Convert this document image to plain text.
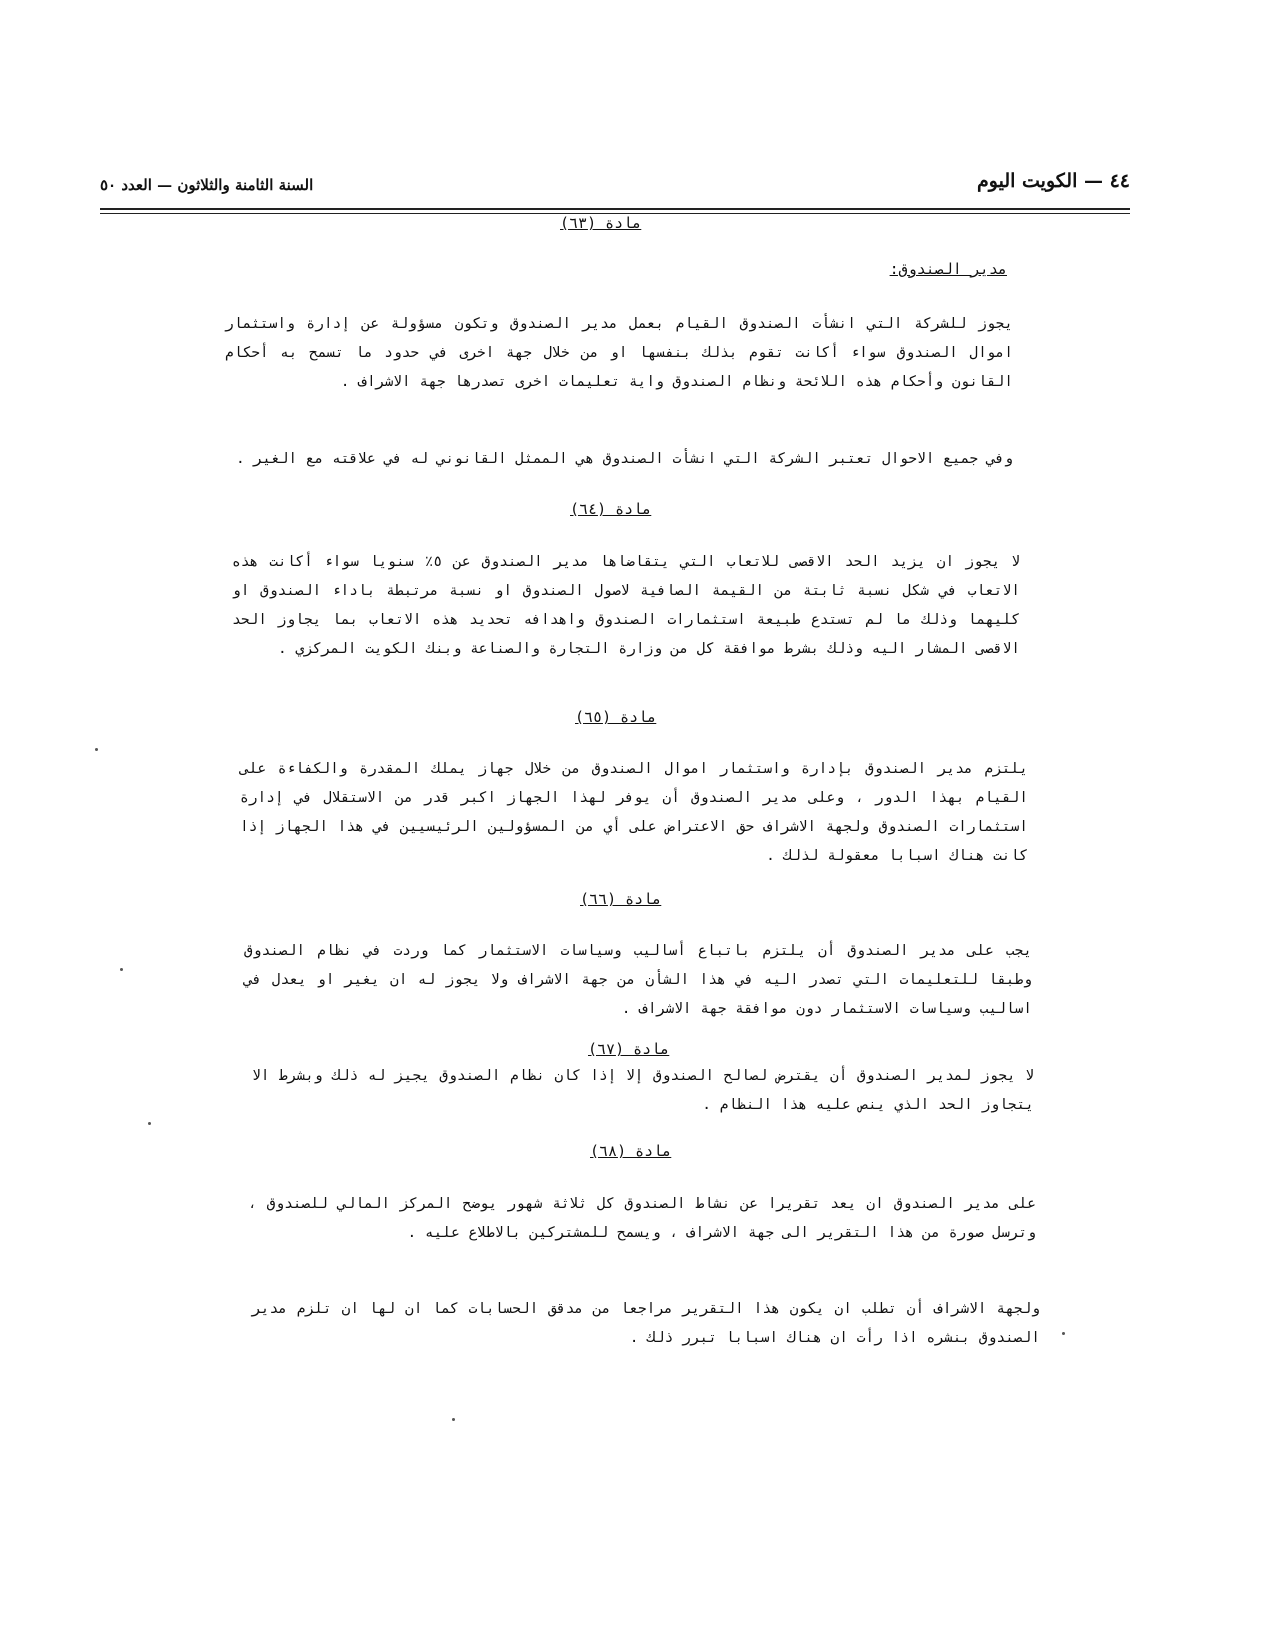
٤٤ — الكويت اليوم
السنة الثامنة والثلاثون — العدد ٥٠
مادة (٦٣)
مدير الصندوق:

يجوز للشركة التي انشأت الصندوق القيام بعمل مدير الصندوق وتكون مسؤولة عن إدارة واستثمار اموال الصندوق سواء أكانت تقوم بذلك بنفسها او من خلال جهة اخرى في حدود ما تسمح به أحكام القانون وأحكام هذه اللائحة ونظام الصندوق واية تعليمات اخرى تصدرها جهة الاشراف .

وفي جميع الاحوال تعتبر الشركة التي انشأت الصندوق هي الممثل القانوني له في علاقته مع الغير .

مادة (٦٤)

لا يجوز ان يزيد الحد الاقصى للاتعاب التي يتقاضاها مدير الصندوق عن ٥٪ سنويا سواء أكانت هذه الاتعاب في شكل نسبة ثابتة من القيمة الصافية لاصول الصندوق او نسبة مرتبطة باداء الصندوق او كليهما وذلك ما لم تستدع طبيعة استثمارات الصندوق واهدافه تحديد هذه الاتعاب بما يجاوز الحد الاقصى المشار اليه وذلك بشرط موافقة كل من وزارة التجارة والصناعة وبنك الكويت المركزي .

مادة (٦٥)

يلتزم مدير الصندوق بإدارة واستثمار اموال الصندوق من خلال جهاز يملك المقدرة والكفاءة على القيام بهذا الدور ، وعلى مدير الصندوق أن يوفر لهذا الجهاز اكبر قدر من الاستقلال في إدارة استثمارات الصندوق ولجهة الاشراف حق الاعتراض على أي من المسؤولين الرئيسيين في هذا الجهاز إذا كانت هناك اسبابا معقولة لذلك .

مادة (٦٦)

يجب على مدير الصندوق أن يلتزم باتباع أساليب وسياسات الاستثمار كما وردت في نظام الصندوق وطبقا للتعليمات التي تصدر اليه في هذا الشأن من جهة الاشراف ولا يجوز له ان يغير او يعدل في اساليب وسياسات الاستثمار دون موافقة جهة الاشراف .

مادة (٦٧)

لا يجوز لمدير الصندوق أن يقترض لصالح الصندوق إلا إذا كان نظام الصندوق يجيز له ذلك وبشرط الا يتجاوز الحد الذي ينص عليه هذا النظام .

مادة (٦٨)

على مدير الصندوق ان يعد تقريرا عن نشاط الصندوق كل ثلاثة شهور يوضح المركز المالي للصندوق ، وترسل صورة من هذا التقرير الى جهة الاشراف ، ويسمح للمشتركين بالاطلاع عليه .

ولجهة الاشراف أن تطلب ان يكون هذا التقرير مراجعا من مدقق الحسابات كما ان لها ان تلزم مدير الصندوق بنشره اذا رأت ان هناك اسبابا تبرر ذلك .
